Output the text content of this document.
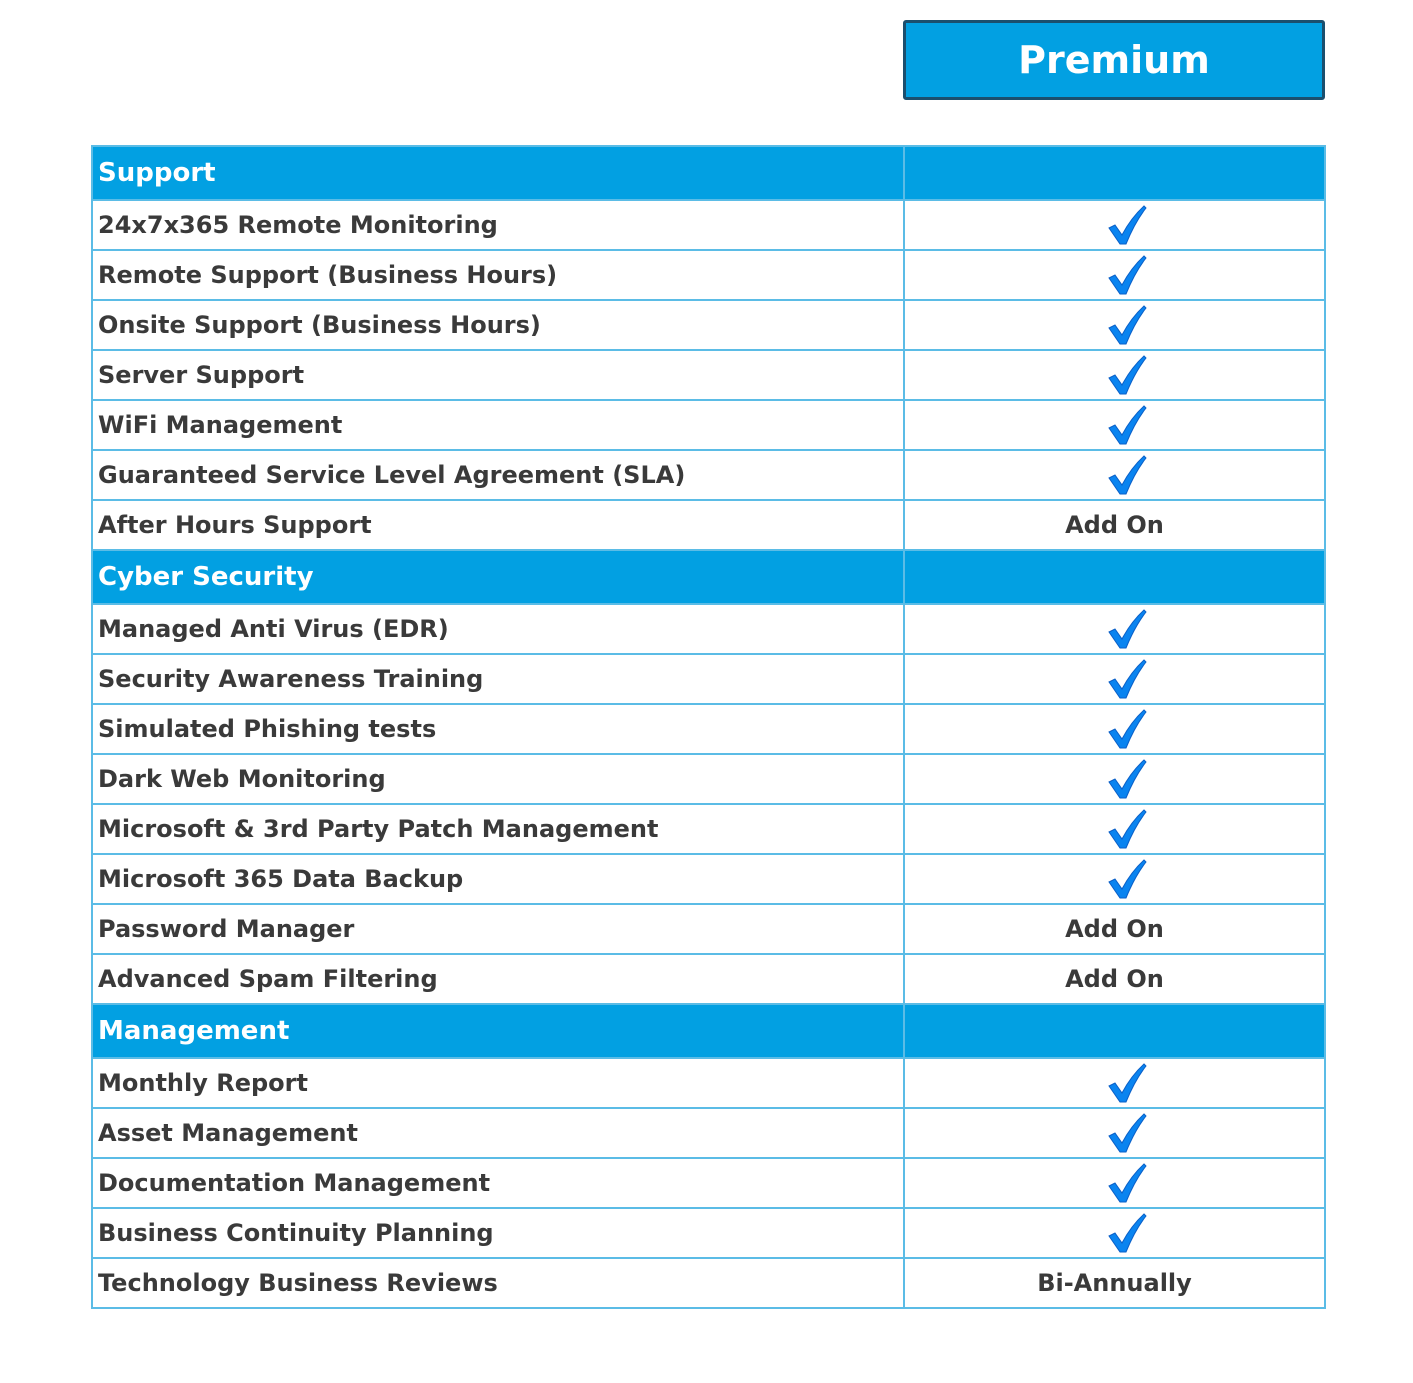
Premium
Support	
24x7x365 Remote Monitoring	
Remote Support (Business Hours)	
Onsite Support (Business Hours)	
Server Support	
WiFi Management	
Guaranteed Service Level Agreement (SLA)	
After Hours Support	Add On
Cyber Security	
Managed Anti Virus (EDR)	
Security Awareness Training	
Simulated Phishing tests	
Dark Web Monitoring	
Microsoft & 3rd Party Patch Management	
Microsoft 365 Data Backup	
Password Manager	Add On
Advanced Spam Filtering	Add On
Management	
Monthly Report	
Asset Management	
Documentation Management	
Business Continuity Planning	
Technology Business Reviews	Bi-Annually
